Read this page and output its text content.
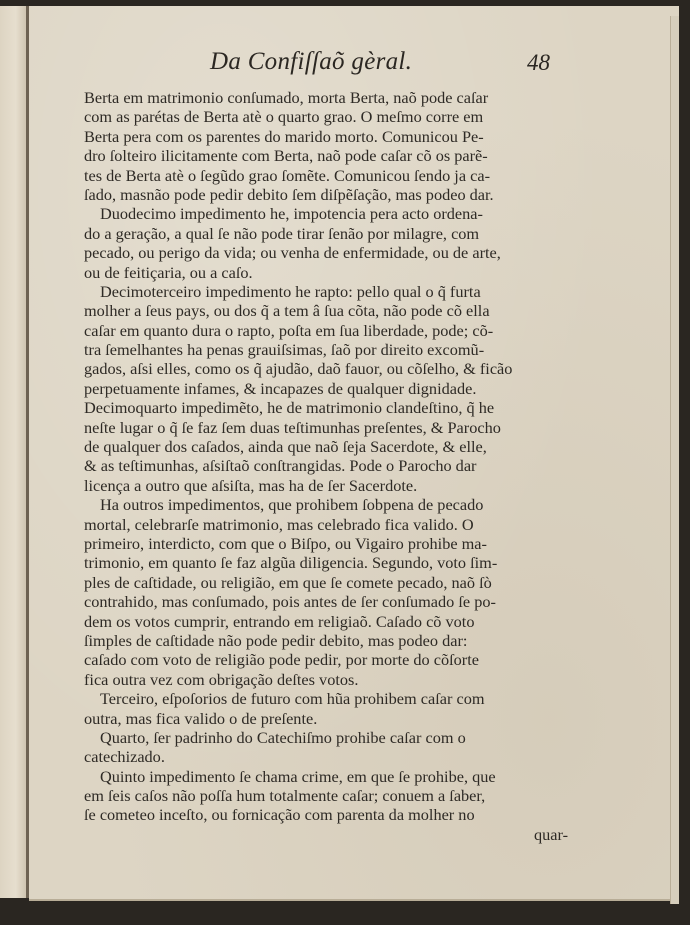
Da Confiſſaõ gèral.	48
Berta em matrimonio conſumado, morta Berta, naõ pode caſar
com as parétas de Berta atè o quarto grao. O meſmo corre em
Berta pera com os parentes do marido morto. Comunicou Pe-
dro ſolteiro ilicitamente com Berta, naõ pode caſar cõ os parẽ-
tes de Berta atè o ſegũdo grao ſomẽte. Comunicou ſendo ja ca-
ſado, masnão pode pedir debito ſem diſpẽſação, mas podeo dar.
Duodecimo impedimento he, impotencia pera acto ordena-
do a geração, a qual ſe não pode tirar ſenão por milagre, com
pecado, ou perigo da vida; ou venha de enfermidade, ou de arte,
ou de feitiçaria, ou a caſo.
Decimoterceiro impedimento he rapto: pello qual o q̃ furta
molher a ſeus pays, ou dos q̃ a tem â ſua cõta, não pode cõ ella
caſar em quanto dura o rapto, poſta em ſua liberdade, pode; cõ-
tra ſemelhantes ha penas grauiſsimas, ſaõ por direito excomũ-
gados, aſsi elles, como os q̃ ajudão, daõ fauor, ou cõſelho, & ficão
perpetuamente infames, & incapazes de qualquer dignidade.
Decimoquarto impedimẽto, he de matrimonio clandeſtino, q̃ he
neſte lugar o q̃ ſe faz ſem duas teſtimunhas preſentes, & Parocho
de qualquer dos caſados, ainda que naõ ſeja Sacerdote, & elle,
& as teſtimunhas, aſsiſtaõ conſtrangidas. Pode o Parocho dar
licença a outro que aſsiſta, mas ha de ſer Sacerdote.
Ha outros impedimentos, que prohibem ſobpena de pecado
mortal, celebrarſe matrimonio, mas celebrado fica valido. O
primeiro, interdicto, com que o Biſpo, ou Vigairo prohibe ma-
trimonio, em quanto ſe faz algũa diligencia. Segundo, voto ſim-
ples de caſtidade, ou religião, em que ſe comete pecado, naõ ſò
contrahido, mas conſumado, pois antes de ſer conſumado ſe po-
dem os votos cumprir, entrando em religiaõ. Caſado cõ voto
ſimples de caſtidade não pode pedir debito, mas podeo dar:
caſado com voto de religião pode pedir, por morte do cõſorte
fica outra vez com obrigação deſtes votos.
Terceiro, eſpoſorios de futuro com hũa prohibem caſar com
outra, mas fica valido o de preſente.
Quarto, ſer padrinho do Catechiſmo prohibe caſar com o
catechizado.
Quinto impedimento ſe chama crime, em que ſe prohibe, que
em ſeis caſos não poſſa hum totalmente caſar; conuem a ſaber,
ſe cometeo inceſto, ou fornicação com parenta da molher no
quar-
